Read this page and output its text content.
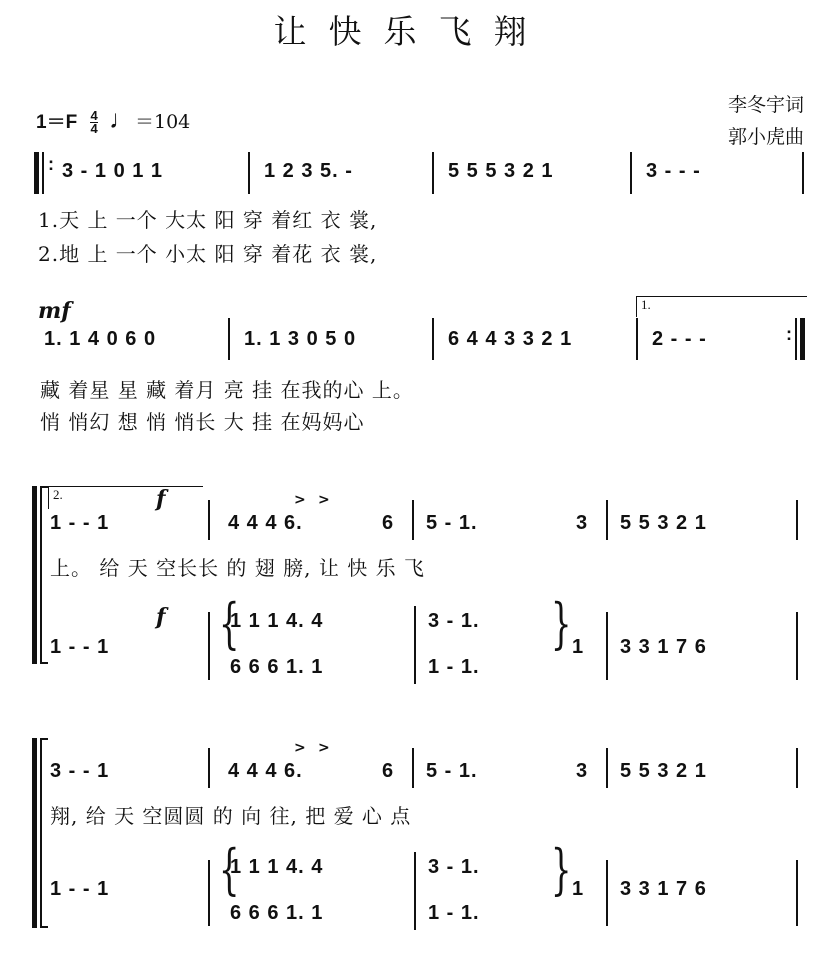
让快乐飞翔
$1=F \frac{4}{4}$ ♩＝104
李冬宇词
郭小虎曲
: 3 - 1 0 1 1	1 2 3 5. -	5 5 5 3 2 1	3 - - -
1.天 上 一个 大太 阳 穿 着红 衣 裳,
2.地 上 一个 小太 阳 穿 着花 衣 裳,
mf
1. 1 4 0 6 0	1. 1 3 0 5 0	6 4 4 3 3 2 1
1.
2 - - -	:
藏 着星 星 藏 着月 亮 挂 在我的心 上。
悄 悄幻 想 悄 悄长 大 挂 在妈妈心
2.	f
1 - - 1
> >
4 4 4 6.	6 5 - 1.	3 5 5 3 2 1
上。 给 天 空长长 的 翅 膀, 让 快 乐 飞
f
1 - - 1 {
1 1 1 4. 4
6 6 6 1. 1
3 - 1.
1 - 1.
} 1 3 3 1 7 6
3 - - 1
> >
4 4 4 6.	6 5 - 1.	3 5 5 3 2 1
翔, 给 天 空圆圆 的 向 往, 把 爱 心 点
1 - - 1 {
1 1 1 4. 4
6 6 6 1. 1
3 - 1.
1 - 1.
} 1 3 3 1 7 6
